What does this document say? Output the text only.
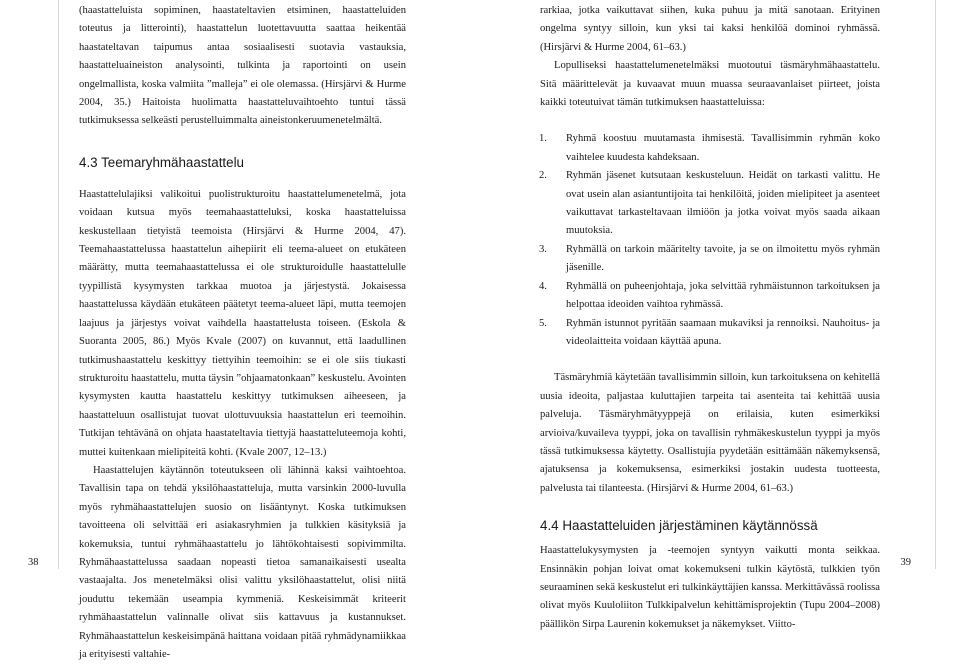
(haastatteluista sopiminen, haastateltavien etsiminen, haastatteluiden toteutus ja litterointi), haastattelun luotettavuutta saattaa heikentää haastateltavan taipumus antaa sosiaalisesti suotavia vastauksia, haastatteluaineiston analysointi, tulkinta ja raportointi on usein ongelmallista, koska valmiita ”malleja” ei ole olemassa. (Hirsjärvi & Hurme 2004, 35.) Haitoista huolimatta haastatteluvaihtoehto tuntui tässä tutkimuksessa selkeästi perustelluimmalta aineistonkeruumenetelmältä.

4.3 Teemaryhmähaastattelu

Haastattelulajiksi valikoitui puolistrukturoitu haastattelumenetelmä, jota voidaan kutsua myös teemahaastatteluksi, koska haastatteluissa keskustellaan tietyistä teemoista (Hirsjärvi & Hurme 2004, 47). Teemahaastattelussa haastattelun aihepiirit eli teema-alueet on etukäteen määrätty, mutta teemahaastattelussa ei ole strukturoidulle haastattelulle tyypillistä kysymysten tarkkaa muotoa ja järjestystä. Jokaisessa haastattelussa käydään etukäteen päätetyt teema-alueet läpi, mutta teemojen laajuus ja järjestys voivat vaihdella haastattelusta toiseen. (Eskola & Suoranta 2005, 86.) Myös Kvale (2007) on kuvannut, että laadullinen tutkimushaastattelu keskittyy tiettyihin teemoihin: se ei ole siis tiukasti strukturoitu haastattelu, mutta täysin ”ohjaamatonkaan” keskustelu. Avointen kysymysten kautta haastattelu keskittyy tutkimuksen aiheeseen, ja haastatteluun osallistujat tuovat ulottuvuuksia haastattelun eri teemoihin. Tutkijan tehtävänä on ohjata haastateltavia tiettyjä haastatteluteemoja kohti, muttei kuitenkaan mielipiteitä kohti. (Kvale 2007, 12–13.)

Haastattelujen käytännön toteutukseen oli lähinnä kaksi vaihtoehtoa. Tavallisin tapa on tehdä yksilöhaastatteluja, mutta varsinkin 2000-luvulla myös ryhmähaastattelujen suosio on lisääntynyt. Koska tutkimuksen tavoitteena oli selvittää eri asiakasryhmien ja tulkkien käsityksiä ja kokemuksia, tuntui ryhmähaastattelu jo lähtökohtaisesti sopivimmilta. Ryhmähaastattelussa saadaan nopeasti tietoa samanaikaisesti usealta vastaajalta. Jos menetelmäksi olisi valittu yksilöhaastattelut, olisi niitä jouduttu tekemään useampia kymmeniä. Keskeisimmät kriteerit ryhmähaastattelun valinnalle olivat siis kattavuus ja kustannukset. Ryhmähaastattelun keskeisimpänä haittana voidaan pitää ryhmädynamiikkaa ja erityisesti valtahie-

rarkiaa, jotka vaikuttavat siihen, kuka puhuu ja mitä sanotaan. Erityinen ongelma syntyy silloin, kun yksi tai kaksi henkilöä dominoi ryhmässä. (Hirsjärvi & Hurme 2004, 61–63.)

Lopulliseksi haastattelumenetelmäksi muotoutui täsmäryhmähaastattelu. Sitä määrittelevät ja kuvaavat muun muassa seuraavanlaiset piirteet, joista kaikki toteutuivat tämän tutkimuksen haastatteluissa:

1. Ryhmä koostuu muutamasta ihmisestä. Tavallisimmin ryhmän koko vaihtelee kuudesta kahdeksaan.
2. Ryhmän jäsenet kutsutaan keskusteluun. Heidät on tarkasti valittu. He ovat usein alan asiantuntijoita tai henkilöitä, joiden mielipiteet ja asenteet vaikuttavat tarkasteltavaan ilmiöön ja jotka voivat myös saada aikaan muutoksia.
3. Ryhmällä on tarkoin määritelty tavoite, ja se on ilmoitettu myös ryhmän jäsenille.
4. Ryhmällä on puheenjohtaja, joka selvittää ryhmäistunnon tarkoituksen ja helpottaa ideoiden vaihtoa ryhmässä.
5. Ryhmän istunnot pyritään saamaan mukaviksi ja rennoiksi. Nauhoitus- ja videolaitteita voidaan käyttää apuna.

Täsmäryhmiä käytetään tavallisimmin silloin, kun tarkoituksena on kehitellä uusia ideoita, paljastaa kuluttajien tarpeita tai asenteita tai kehittää uusia palveluja. Täsmäryhmätyyppejä on erilaisia, kuten esimerkiksi arvioiva/kuvaileva tyyppi, joka on tavallisin ryhmäkeskustelun tyyppi ja myös tässä tutkimuksessa käytetty. Osallistujia pyydetään esittämään näkemyksensä, ajatuksensa ja kokemuksensa, esimerkiksi jostakin uudesta tuotteesta, palvelusta tai tilanteesta. (Hirsjärvi & Hurme 2004, 61–63.)

4.4 Haastatteluiden järjestäminen käytännössä

Haastattelukysymysten ja -teemojen syntyyn vaikutti monta seikkaa. Ensinnäkin pohjan loivat omat kokemukseni tulkin käytöstä, tulkkien työn seuraaminen sekä keskustelut eri tulkinkäyttäjien kanssa. Merkittävässä roolissa olivat myös Kuuloliiton Tulkkipalvelun kehittämisprojektin (Tupu 2004–2008) päällikön Sirpa Laurenin kokemukset ja näkemykset. Viitto-

38	39
